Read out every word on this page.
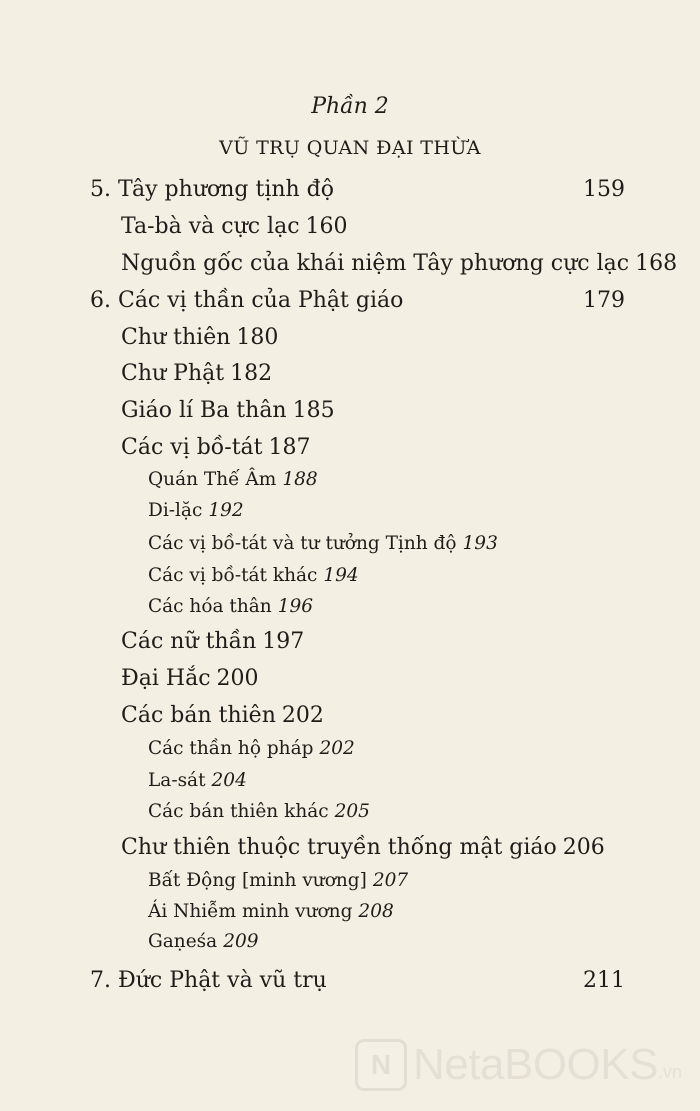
Phần 2
VŨ TRỤ QUAN ĐẠI THỪA
5. Tây phương tịnh độ	159
Ta-bà và cực lạc 160
Nguồn gốc của khái niệm Tây phương cực lạc 168
6. Các vị thần của Phật giáo	179
Chư thiên 180
Chư Phật 182
Giáo lí Ba thân 185
Các vị bồ-tát 187
Quán Thế Âm 188
Di-lặc 192
Các vị bồ-tát và tư tưởng Tịnh độ 193
Các vị bồ-tát khác 194
Các hóa thân 196
Các nữ thần 197
Đại Hắc 200
Các bán thiên 202
Các thần hộ pháp 202
La-sát 204
Các bán thiên khác 205
Chư thiên thuộc truyền thống mật giáo 206
Bất Động [minh vương] 207
Ái Nhiễm minh vương 208
Gaṇeśa 209
7. Đức Phật và vũ trụ	211
N NetaBOOKS .vn
